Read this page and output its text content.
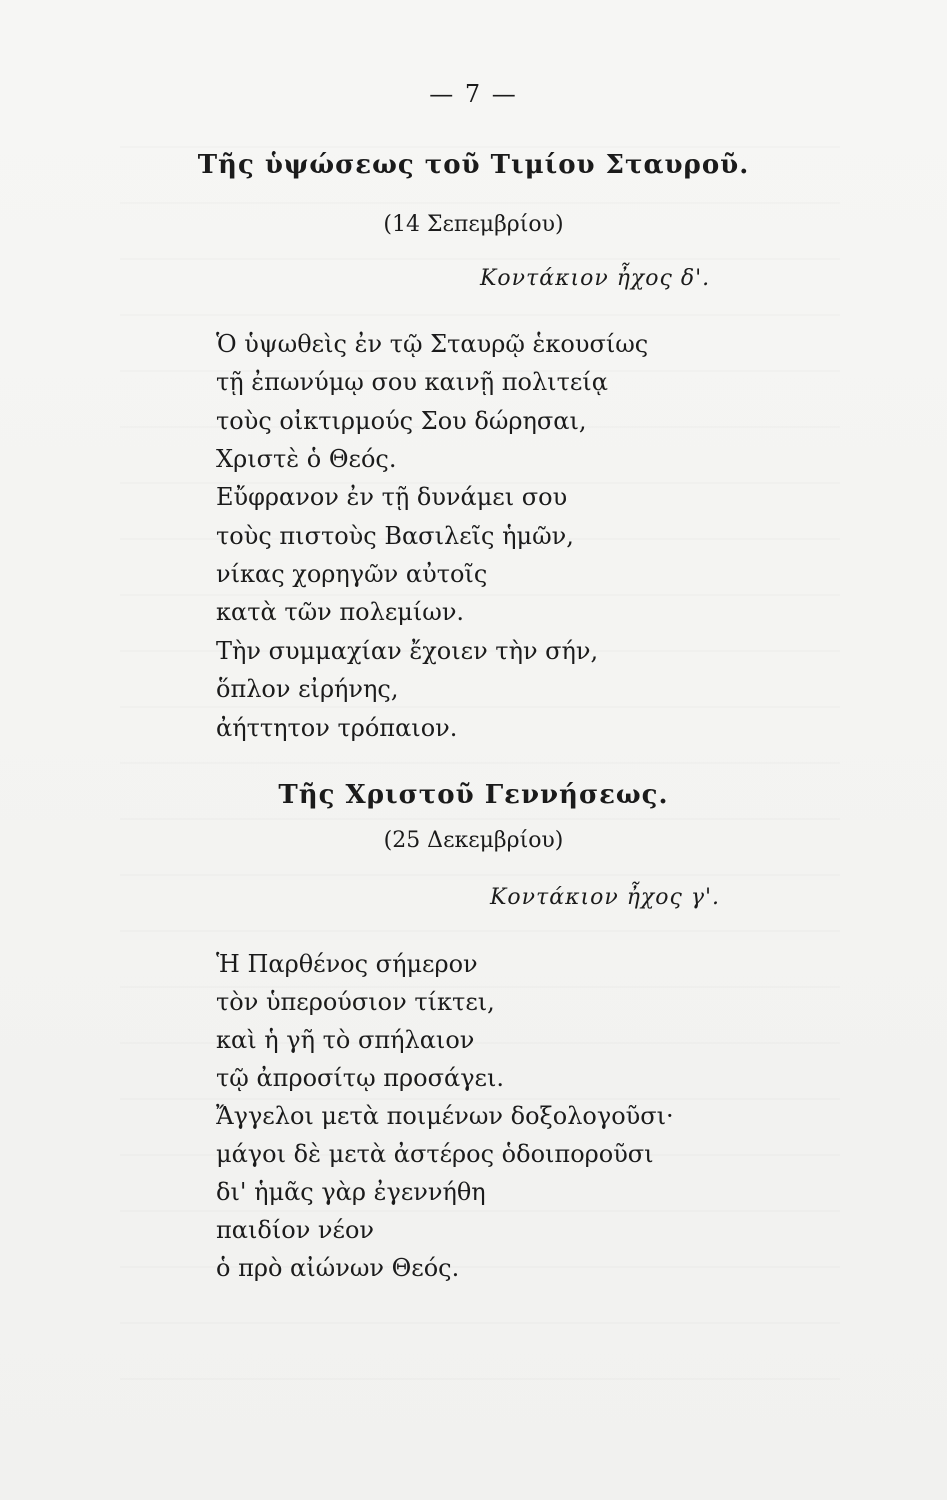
— 7 —
Τῆς ὑψώσεως τοῦ Τιμίου Σταυροῦ.
(14 Σεπεμβρίου)
Κοντάκιον ἦχος δ'.
Ὁ ὑψωθεὶς ἐν τῷ Σταυρῷ ἑκουσίως
τῇ ἐπωνύμῳ σου καινῇ πολιτείᾳ
τοὺς οἰκτιρμούς Σου δώρησαι,
Χριστὲ ὁ Θεός.
Εὔφρανον ἐν τῇ δυνάμει σου
τοὺς πιστοὺς Βασιλεῖς ἡμῶν,
νίκας χορηγῶν αὐτοῖς
κατὰ τῶν πολεμίων.
Τὴν συμμαχίαν ἔχοιεν τὴν σήν,
ὅπλον εἰρήνης,
ἀήττητον τρόπαιον.
Τῆς Χριστοῦ Γεννήσεως.
(25 Δεκεμβρίου)
Κοντάκιον ἦχος γ'.
Ἡ Παρθένος σήμερον
τὸν ὑπερούσιον τίκτει,
καὶ ἡ γῆ τὸ σπήλαιον
τῷ ἀπροσίτῳ προσάγει.
Ἄγγελοι μετὰ ποιμένων δοξολογοῦσι·
μάγοι δὲ μετὰ ἀστέρος ὁδοιποροῦσι
δι' ἡμᾶς γὰρ ἐγεννήθη
παιδίον νέον
ὁ πρὸ αἰώνων Θεός.
